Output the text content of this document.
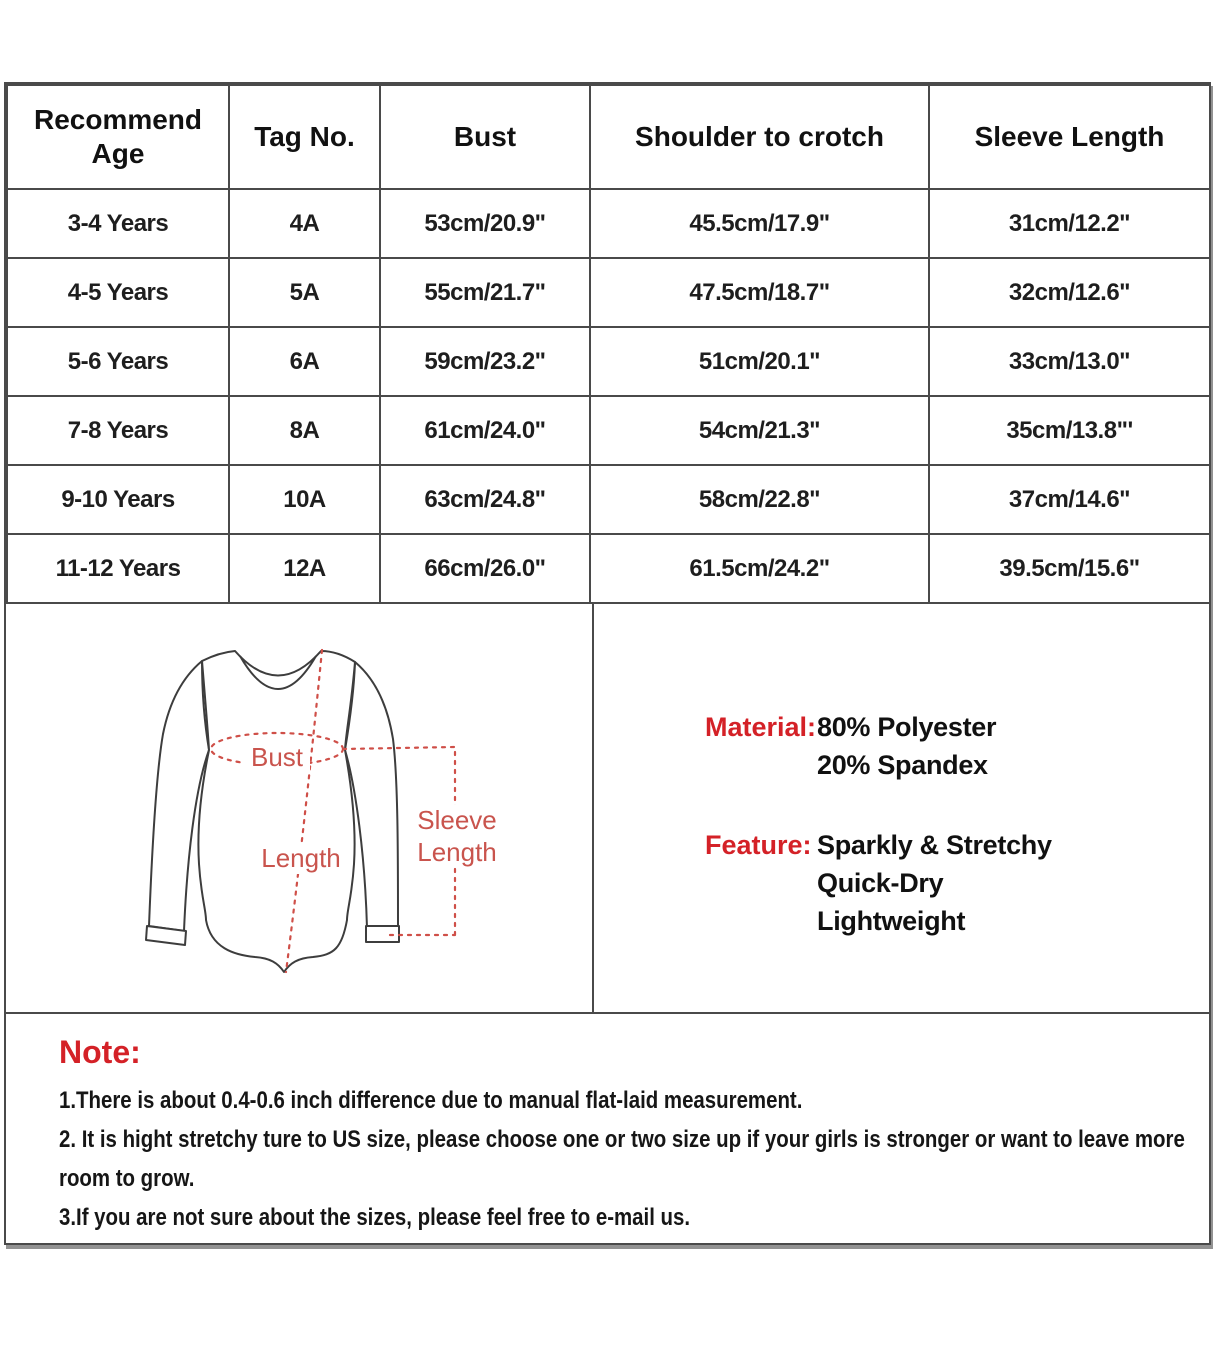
Recommend Age	Tag No.	Bust	Shoulder to crotch	Sleeve Length
3-4 Years	4A	53cm/20.9"	45.5cm/17.9"	31cm/12.2"
4-5 Years	5A	55cm/21.7"	47.5cm/18.7"	32cm/12.6"
5-6 Years	6A	59cm/23.2"	51cm/20.1"	33cm/13.0"
7-8 Years	8A	61cm/24.0"	54cm/21.3"	35cm/13.8"'
9-10 Years	10A	63cm/24.8"	58cm/22.8"	37cm/14.6"
11-12 Years	12A	66cm/26.0"	61.5cm/24.2"	39.5cm/15.6"
Bust
Length
Sleeve
Length
Material: 80% Polyester
20% Spandex
Feature: Sparkly & Stretchy
Quick-Dry
Lightweight
Note:

1.There is about 0.4-0.6 inch difference due to manual flat-laid measurement.

2. It is hight stretchy ture to US size, please choose one or two size up if your girls is stronger or want to leave more room to grow.

3.If you are not sure about the sizes, please feel free to e-mail us.
